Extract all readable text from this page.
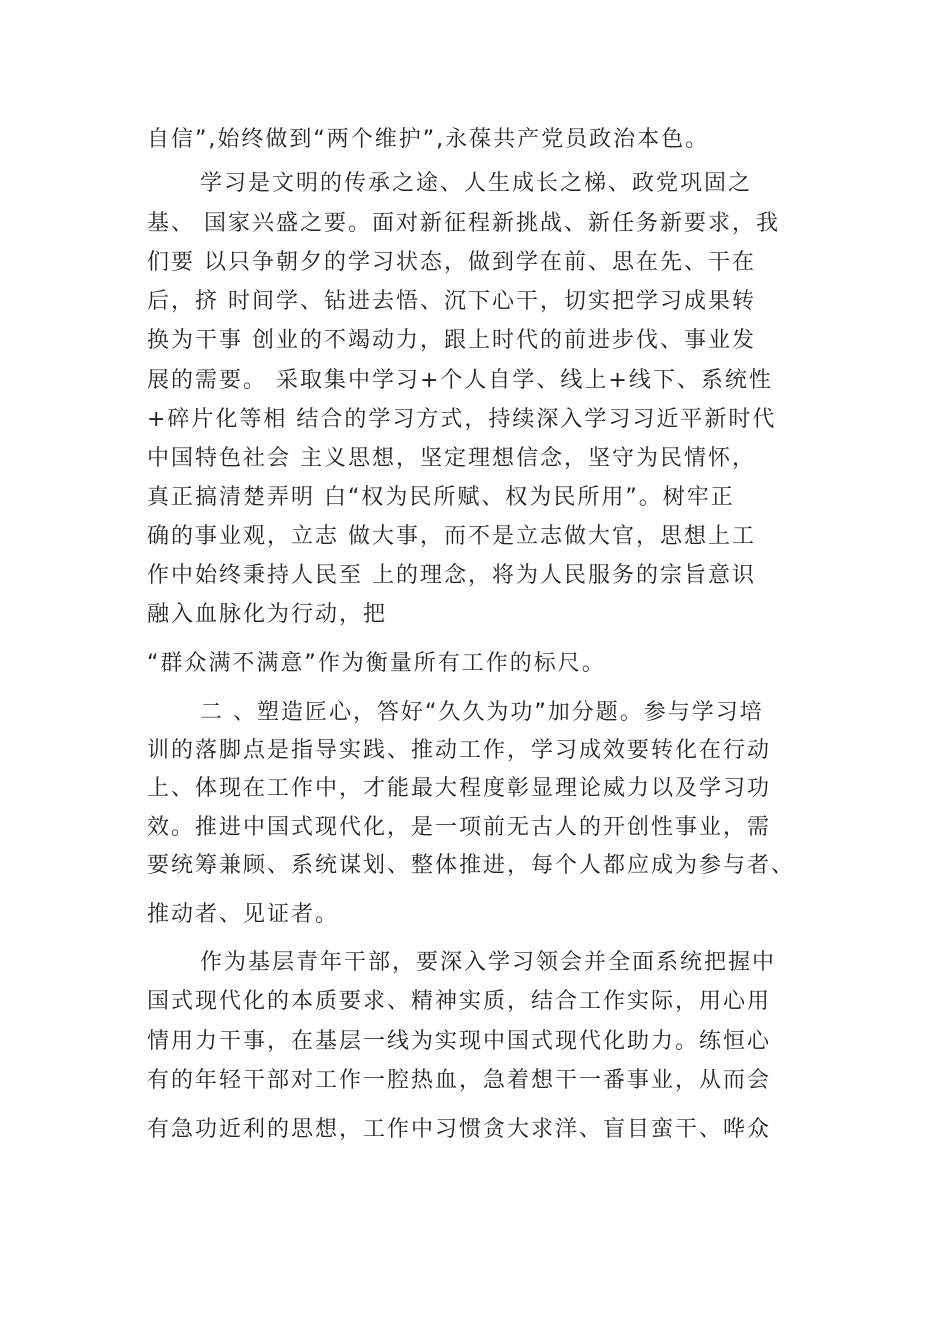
自信”,始终做到“两个维护”,永葆共产党员政治本色。

学习是文明的传承之途、人生成长之梯、政党巩固之

基、 国家兴盛之要。面对新征程新挑战、新任务新要求，我

们要 以只争朝夕的学习状态，做到学在前、思在先、干在

后，挤 时间学、钻进去悟、沉下心干，切实把学习成果转

换为干事 创业的不竭动力，跟上时代的前进步伐、事业发

展的需要。 采取集中学习+个人自学、线上+线下、系统性

+碎片化等相 结合的学习方式，持续深入学习习近平新时代

中国特色社会 主义思想，坚定理想信念，坚守为民情怀，

真正搞清楚弄明 白“权为民所赋、权为民所用”。树牢正

确的事业观，立志 做大事，而不是立志做大官，思想上工

作中始终秉持人民至 上的理念，将为人民服务的宗旨意识

融入血脉化为行动，把

“群众满不满意”作为衡量所有工作的标尺。

二 、塑造匠心，答好“久久为功”加分题。参与学习培

训的落脚点是指导实践、推动工作，学习成效要转化在行动

上、体现在工作中，才能最大程度彰显理论威力以及学习功

效。推进中国式现代化，是一项前无古人的开创性事业，需

要统筹兼顾、系统谋划、整体推进，每个人都应成为参与者、

推动者、见证者。

作为基层青年干部，要深入学习领会并全面系统把握中

国式现代化的本质要求、精神实质，结合工作实际，用心用

情用力干事，在基层一线为实现中国式现代化助力。练恒心

有的年轻干部对工作一腔热血，急着想干一番事业，从而会

有急功近利的思想，工作中习惯贪大求洋、盲目蛮干、哗众
